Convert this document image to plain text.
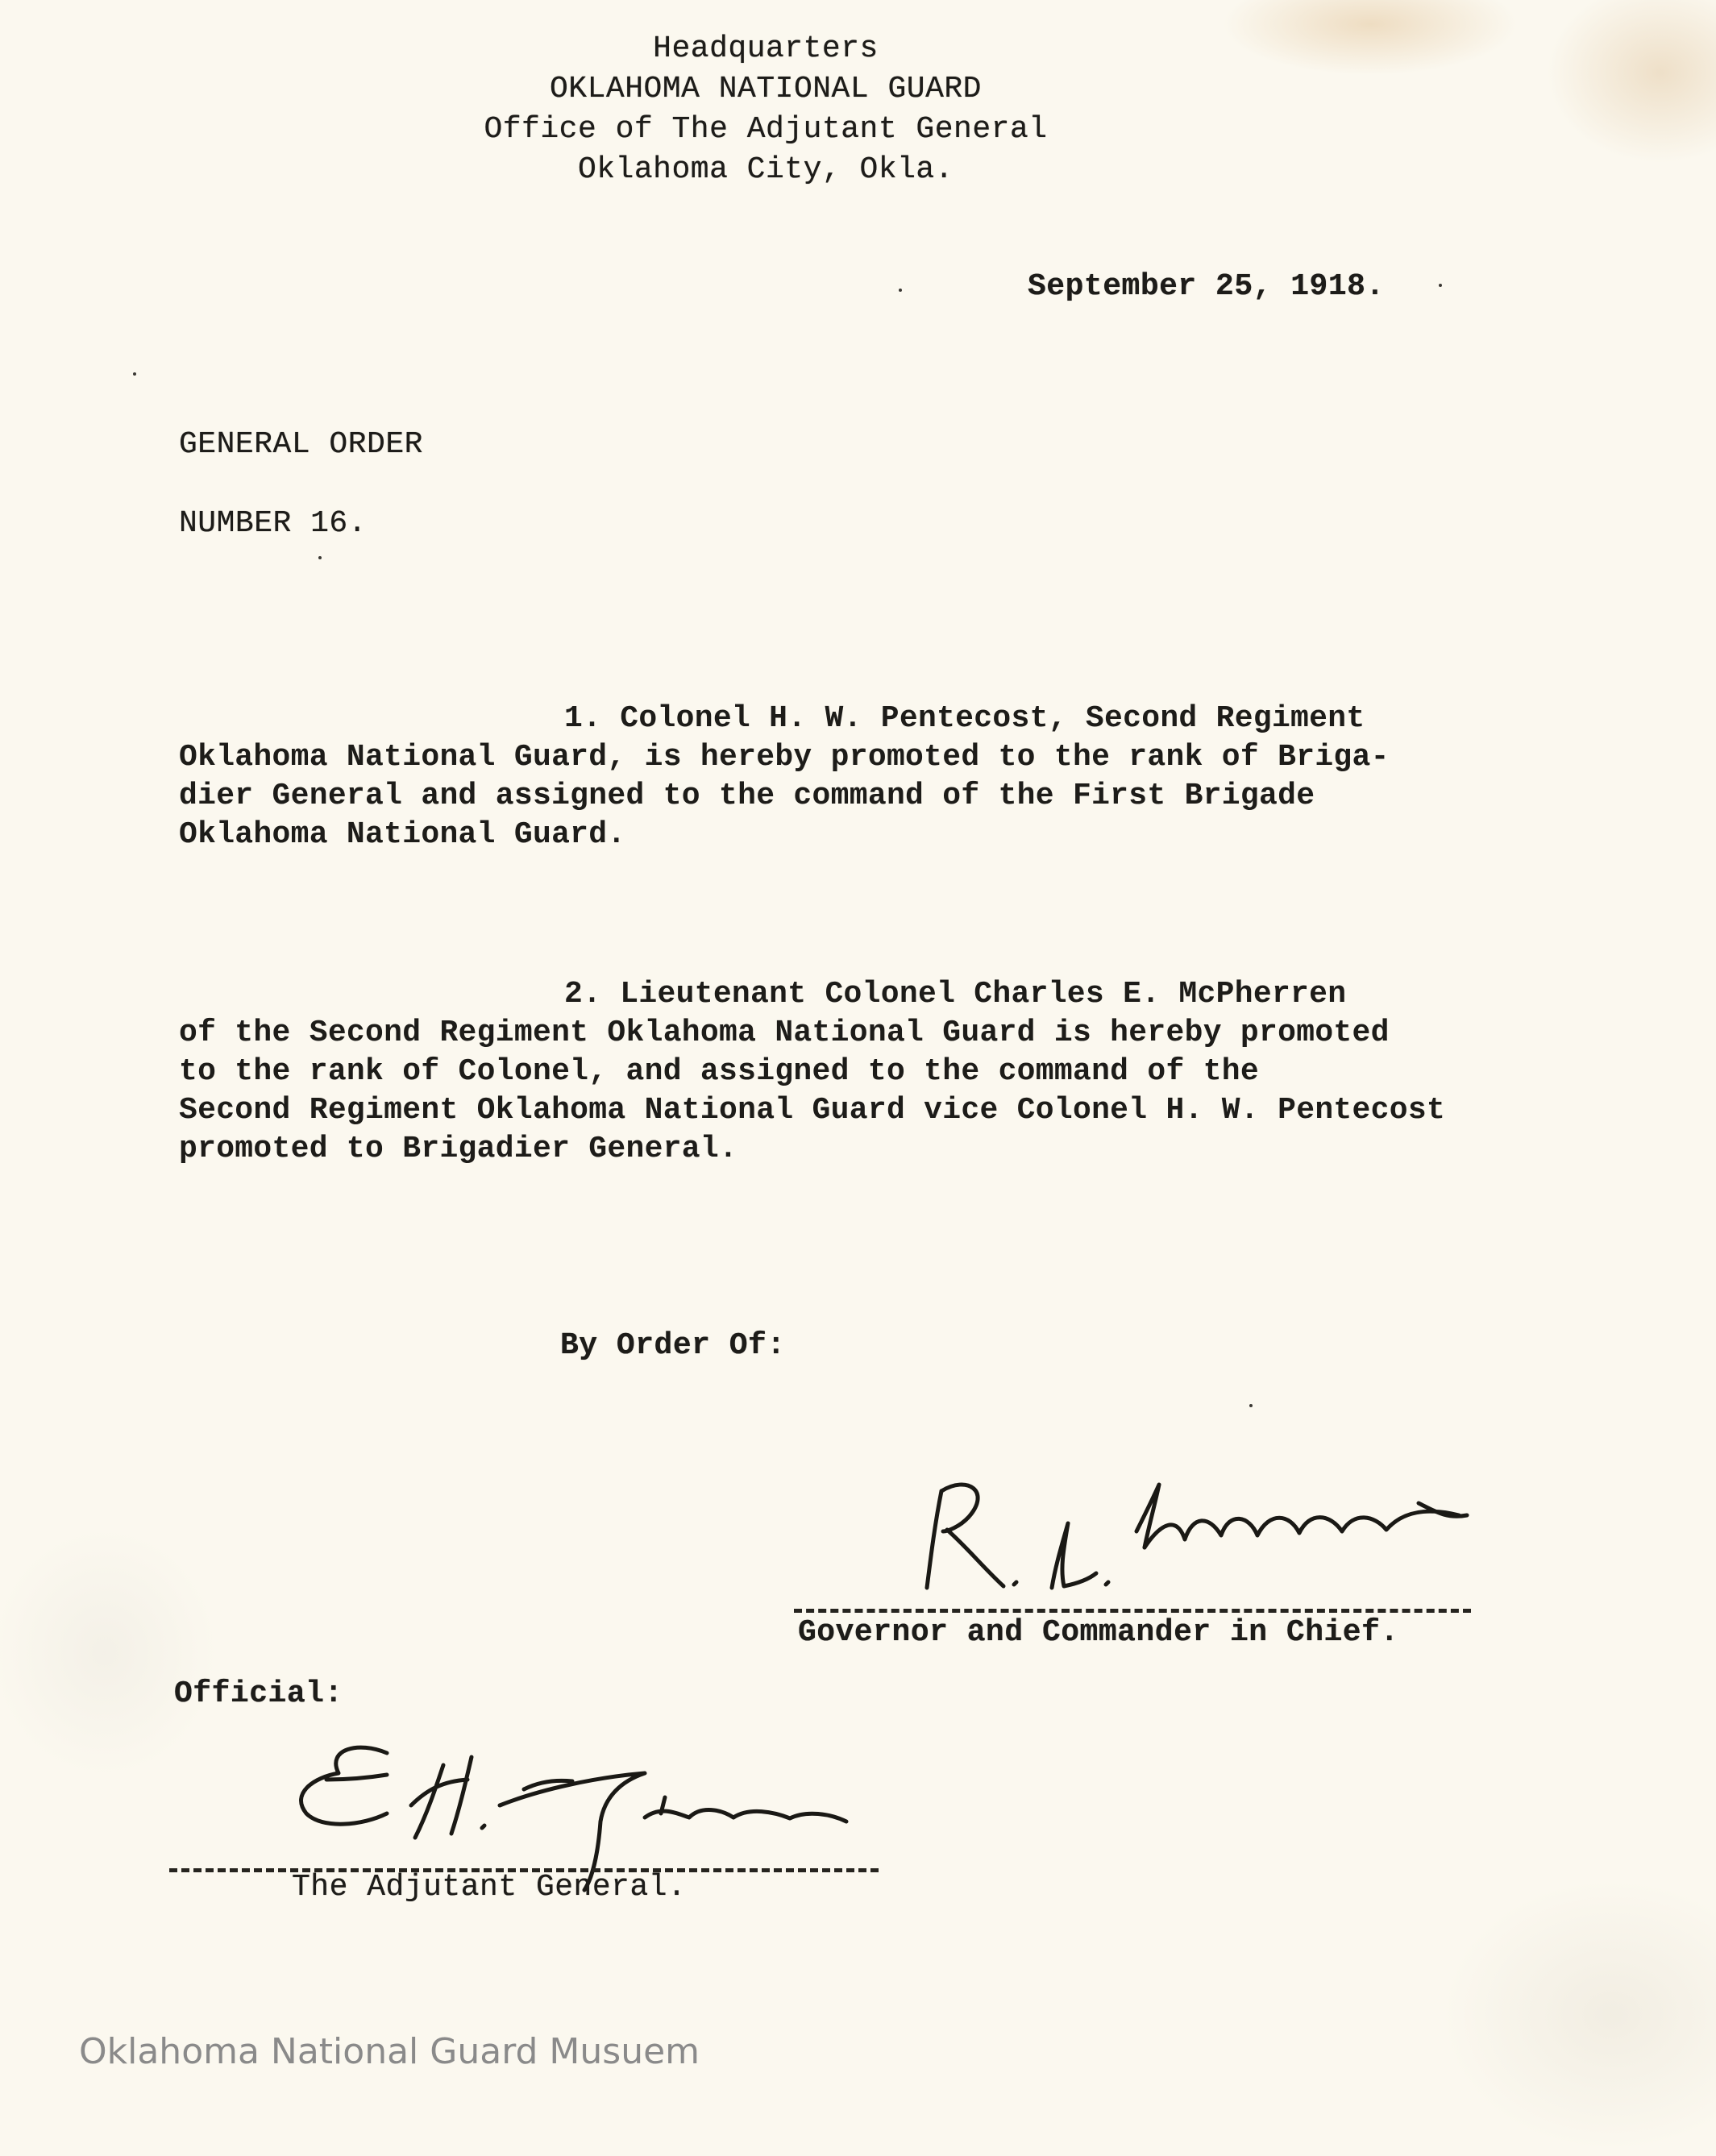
Headquarters
OKLAHOMA NATIONAL GUARD
Office of The Adjutant General
Oklahoma City, Okla.
September 25, 1918.
GENERAL ORDER
NUMBER 16.
1. Colonel H. W. Pentecost, Second Regiment
Oklahoma National Guard, is hereby promoted to the rank of Briga-
dier General and assigned to the command of the First Brigade
Oklahoma National Guard.
2. Lieutenant Colonel Charles E. McPherren
of the Second Regiment Oklahoma National Guard is hereby promoted
to the rank of Colonel, and assigned to the command of the
Second Regiment Oklahoma National Guard vice Colonel H. W. Pentecost
promoted to Brigadier General.
By Order Of:
Governor and Commander in Chief.
Official:
The Adjutant General.
Oklahoma National Guard Musuem
